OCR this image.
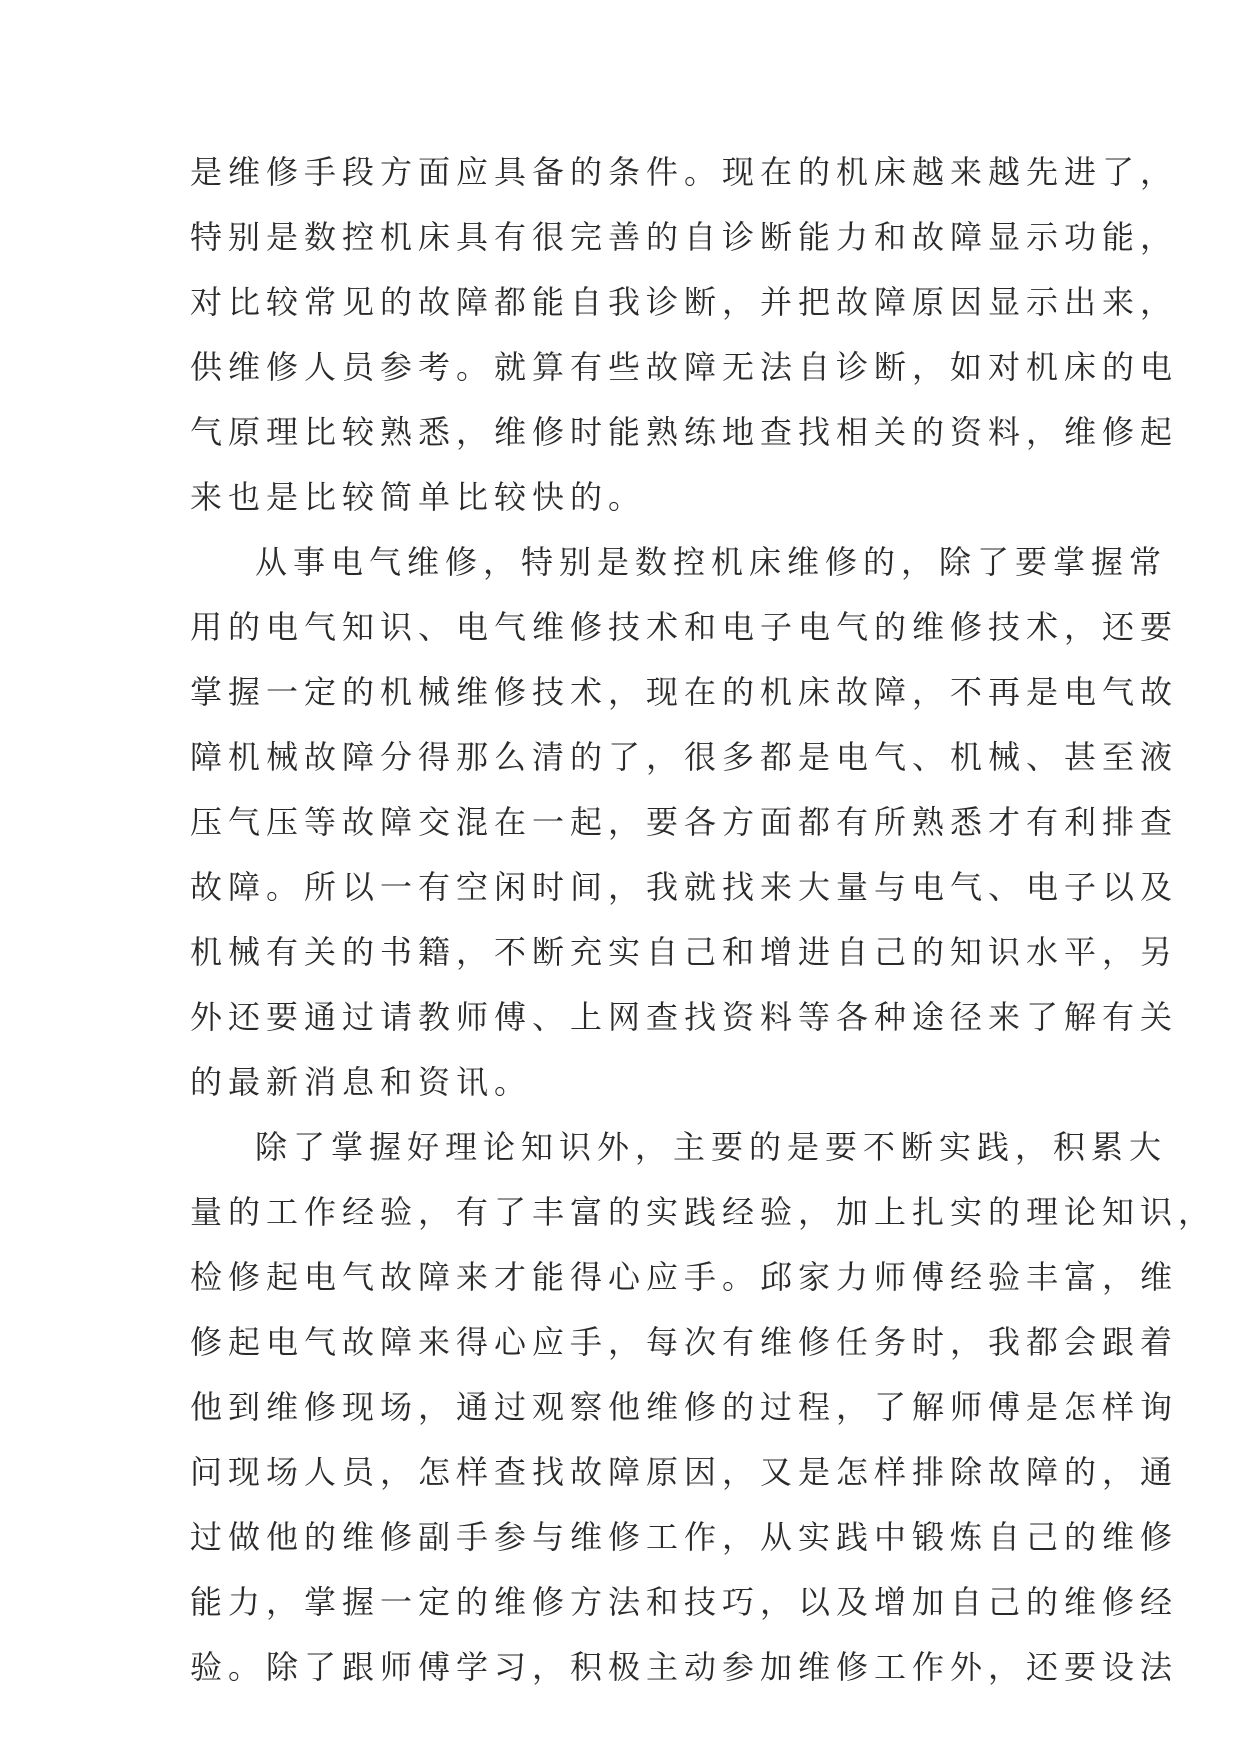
是维修手段方面应具备的条件。现在的机床越来越先进了，
特别是数控机床具有很完善的自诊断能力和故障显示功能，
对比较常见的故障都能自我诊断，并把故障原因显示出来，
供维修人员参考。就算有些故障无法自诊断，如对机床的电
气原理比较熟悉，维修时能熟练地查找相关的资料，维修起
来也是比较简单比较快的。
从事电气维修，特别是数控机床维修的，除了要掌握常
用的电气知识、电气维修技术和电子电气的维修技术，还要
掌握一定的机械维修技术，现在的机床故障，不再是电气故
障机械故障分得那么清的了，很多都是电气、机械、甚至液
压气压等故障交混在一起，要各方面都有所熟悉才有利排查
故障。所以一有空闲时间，我就找来大量与电气、电子以及
机械有关的书籍，不断充实自己和增进自己的知识水平，另
外还要通过请教师傅、上网查找资料等各种途径来了解有关
的最新消息和资讯。
除了掌握好理论知识外，主要的是要不断实践，积累大
量的工作经验，有了丰富的实践经验，加上扎实的理论知识，
检修起电气故障来才能得心应手。邱家力师傅经验丰富，维
修起电气故障来得心应手，每次有维修任务时，我都会跟着
他到维修现场，通过观察他维修的过程，了解师傅是怎样询
问现场人员，怎样查找故障原因，又是怎样排除故障的，通
过做他的维修副手参与维修工作，从实践中锻炼自己的维修
能力，掌握一定的维修方法和技巧，以及增加自己的维修经
验。除了跟师傅学习，积极主动参加维修工作外，还要设法
